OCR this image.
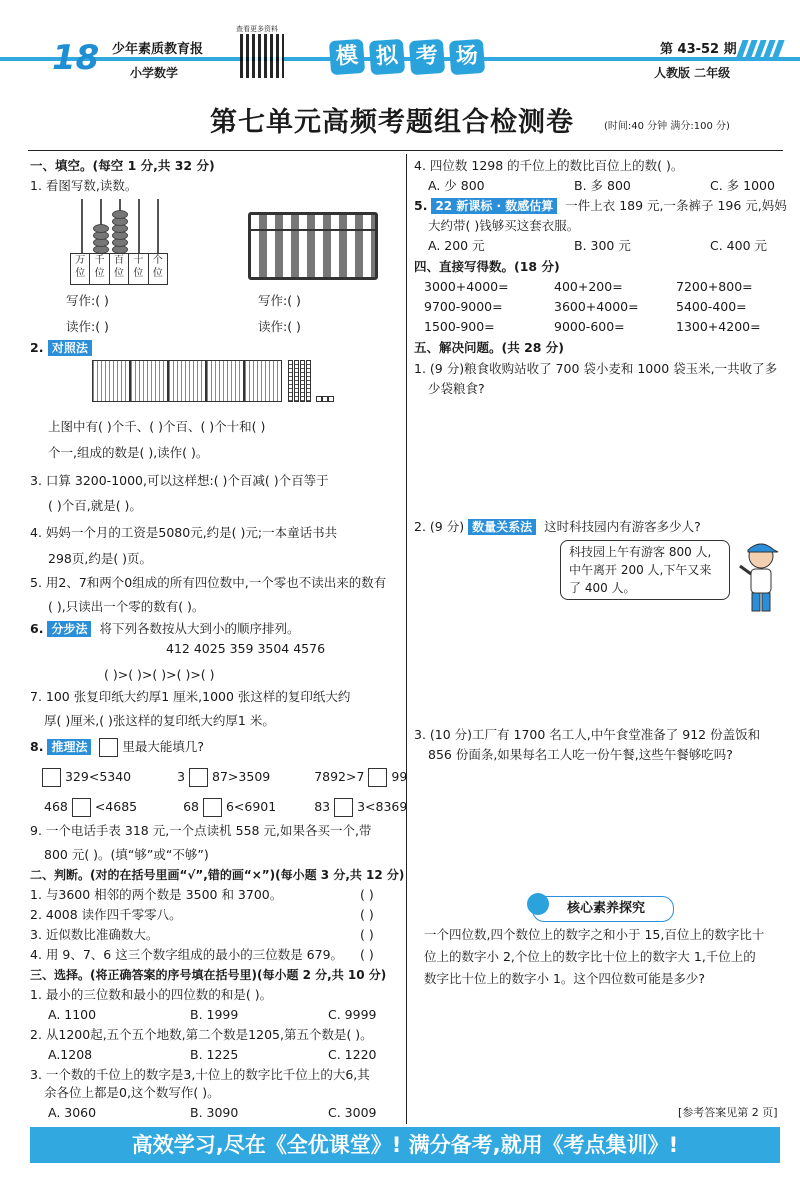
18 少年素质教育报
小学数学
查看更多资料
模 拟 考 场	第 43-52 期
人教版 二年级
第七单元高频考题组合检测卷	(时间:40 分钟 满分:100 分)
一、填空。(每空 1 分,共 32 分)
1. 看图写数,读数。
万位
千位
百位
十位
个位
写作:( )	写作:( )
读作:( )	读作:( )
2. 对照法
上图中有( )个千、( )个百、( )个十和( )
个一,组成的数是( ),读作( )。
3. 口算 3200-1000,可以这样想:( )个百减( )个百等于
( )个百,就是( )。
4. 妈妈一个月的工资是5080元,约是( )元;一本童话书共
298页,约是( )页。
5. 用2、7和两个0组成的所有四位数中,一个零也不读出来的数有
( ),只读出一个零的数有( )。
6. 分步法 将下列各数按从大到小的顺序排列。
412 4025 359 3504 4576
( )>( )>( )>( )>( )
7. 100 张复印纸大约厚1 厘米,1000 张这样的复印纸大约
厚( )厘米,( )张这样的复印纸大约厚1 米。
8. 推理法	里最大能填几?
329<5340	3 87>3509	7892>7 99
468 <4685	68 6<6901	83 3<8369
9. 一个电话手表 318 元,一个点读机 558 元,如果各买一个,带
800 元( )。(填“够”或“不够”)
二、判断。(对的在括号里画“√”,错的画“×”)(每小题 3 分,共 12 分)
1. 与3600 相邻的两个数是 3500 和 3700。	( )
2. 4008 读作四千零零八。	( )
3. 近似数比准确数大。	( )
4. 用 9、7、6 这三个数字组成的最小的三位数是 679。 ( )
三、选择。(将正确答案的序号填在括号里)(每小题 2 分,共 10 分)
1. 最小的三位数和最小的四位数的和是( )。
A. 1100	B. 1999	C. 9999
2. 从1200起,五个五个地数,第二个数是1205,第五个数是( )。
A.1208	B. 1225	C. 1220
3. 一个数的千位上的数字是3,十位上的数字比千位上的大6,其
余各位上都是0,这个数写作( )。
A. 3060	B. 3090	C. 3009
4. 四位数 1298 的千位上的数比百位上的数( )。
A. 少 800	B. 多 800	C. 多 1000
5. 22 新课标 · 数感估算 一件上衣 189 元,一条裤子 196 元,妈妈
大约带( )钱够买这套衣服。
A. 200 元	B. 300 元	C. 400 元
四、直接写得数。(18 分)
3000+4000=	400+200=	7200+800=
9700-9000=	3600+4000=	5400-400=
1500-900=	9000-600=	1300+4200=
五、解决问题。(共 28 分)
1. (9 分)粮食收购站收了 700 袋小麦和 1000 袋玉米,一共收了多
少袋粮食?
2. (9 分) 数量关系法 这时科技园内有游客多少人?
科技园上午有游客 800 人,
中午离开 200 人,下午又来
了 400 人。
3. (10 分)工厂有 1700 名工人,中午食堂准备了 912 份盖饭和
856 份面条,如果每名工人吃一份午餐,这些午餐够吃吗?
核心素养探究
一个四位数,四个数位上的数字之和小于 15,百位上的数字比十
位上的数字小 2,个位上的数字比十位上的数字大 1,千位上的
数字比十位上的数字小 1。这个四位数可能是多少?
[参考答案见第 2 页]
高效学习,尽在《全优课堂》! 满分备考,就用《考点集训》!
